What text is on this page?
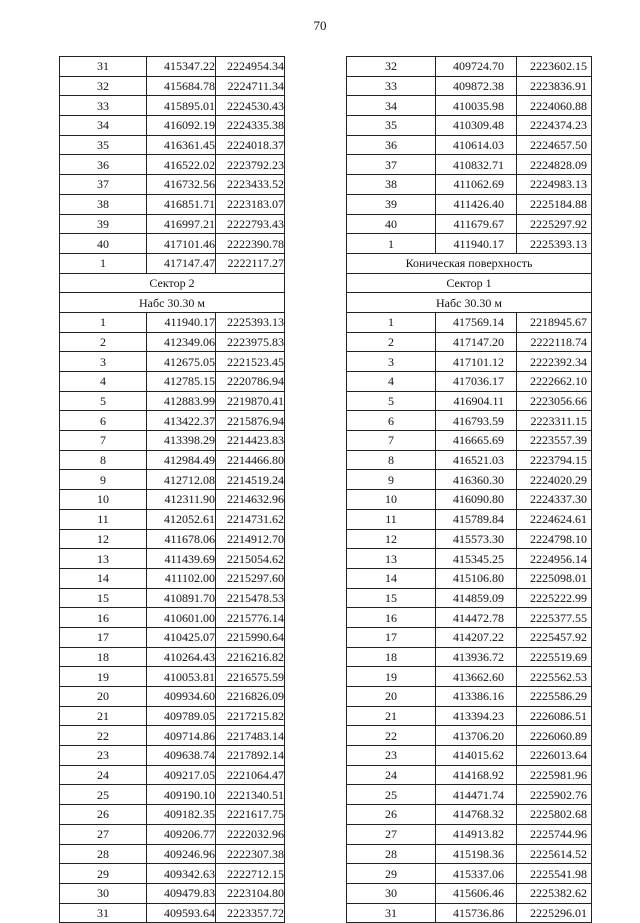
70
31	415347.22	2224954.34
32	415684.78	2224711.34
33	415895.01	2224530.43
34	416092.19	2224335.38
35	416361.45	2224018.37
36	416522.02	2223792.23
37	416732.56	2223433.52
38	416851.71	2223183.07
39	416997.21	2222793.43
40	417101.46	2222390.78
1	417147.47	2222117.27
Сектор 2		
Набс 30.30 м		
1	411940.17	2225393.13
2	412349.06	2223975.83
3	412675.05	2221523.45
4	412785.15	2220786.94
5	412883.99	2219870.41
6	413422.37	2215876.94
7	413398.29	2214423.83
8	412984.49	2214466.80
9	412712.08	2214519.24
10	412311.90	2214632.96
11	412052.61	2214731.62
12	411678.06	2214912.70
13	411439.69	2215054.62
14	411102.00	2215297.60
15	410891.70	2215478.53
16	410601.00	2215776.14
17	410425.07	2215990.64
18	410264.43	2216216.82
19	410053.81	2216575.59
20	409934.60	2216826.09
21	409789.05	2217215.82
22	409714.86	2217483.14
23	409638.74	2217892.14
24	409217.05	2221064.47
25	409190.10	2221340.51
26	409182.35	2221617.75
27	409206.77	2222032.96
28	409246.96	2222307.38
29	409342.63	2222712.15
30	409479.83	2223104.80
31	409593.64	2223357.72
32	409724.70	2223602.15
33	409872.38	2223836.91
34	410035.98	2224060.88
35	410309.48	2224374.23
36	410614.03	2224657.50
37	410832.71	2224828.09
38	411062.69	2224983.13
39	411426.40	2225184.88
40	411679.67	2225297.92
1	411940.17	2225393.13
Коническая поверхность		
Сектор 1		
Набс 30.30 м		
1	417569.14	2218945.67
2	417147.20	2222118.74
3	417101.12	2222392.34
4	417036.17	2222662.10
5	416904.11	2223056.66
6	416793.59	2223311.15
7	416665.69	2223557.39
8	416521.03	2223794.15
9	416360.30	2224020.29
10	416090.80	2224337.30
11	415789.84	2224624.61
12	415573.30	2224798.10
13	415345.25	2224956.14
14	415106.80	2225098.01
15	414859.09	2225222.99
16	414472.78	2225377.55
17	414207.22	2225457.92
18	413936.72	2225519.69
19	413662.60	2225562.53
20	413386.16	2225586.29
21	413394.23	2226086.51
22	413706.20	2226060.89
23	414015.62	2226013.64
24	414168.92	2225981.96
25	414471.74	2225902.76
26	414768.32	2225802.68
27	414913.82	2225744.96
28	415198.36	2225614.52
29	415337.06	2225541.98
30	415606.46	2225382.62
31	415736.86	2225296.01
